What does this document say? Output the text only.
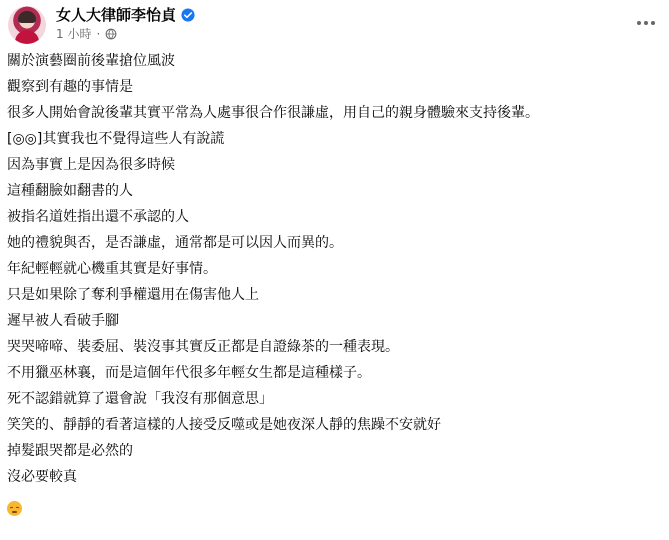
女人大律師李怡貞
1 小時 ·
關於演藝圈前後輩搶位風波
觀察到有趣的事情是
很多人開始會說後輩其實平常為人處事很合作很謙虛，用自己的親身體驗來支持後輩。
[◎◎]其實我也不覺得這些人有說謊
因為事實上是因為很多時候
這種翻臉如翻書的人
被指名道姓指出還不承認的人
她的禮貌與否，是否謙虛，通常都是可以因人而異的。
年紀輕輕就心機重其實是好事情。
只是如果除了奪利爭權還用在傷害他人上
遲早被人看破手腳
哭哭啼啼、裝委屈、裝沒事其實反正都是自證綠茶的一種表現。
不用獵巫林襄，而是這個年代很多年輕女生都是這種樣子。
死不認錯就算了還會說「我沒有那個意思」
笑笑的、靜靜的看著這樣的人接受反噬或是她夜深人靜的焦躁不安就好
掉髮跟哭都是必然的
沒必要較真
